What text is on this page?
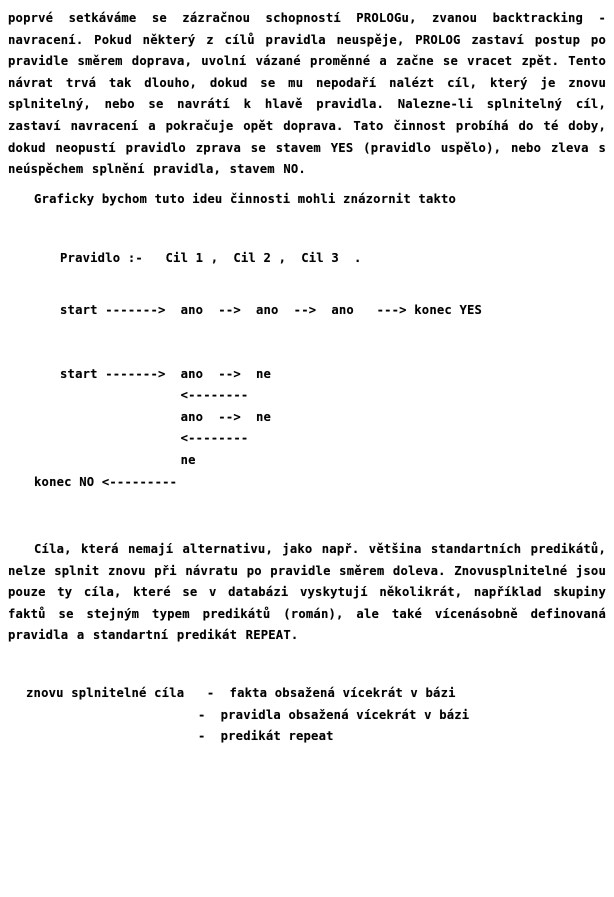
poprvé setkáváme se zázračnou schopností PROLOGu, zvanou backtracking - navracení. Pokud některý z cílů pravidla neuspěje, PROLOG zastaví postup po pravidle směrem doprava, uvolní vázané proměnné a začne se vracet zpět. Tento návrat trvá tak dlouho, dokud se mu nepodaří nalézt cíl, který je znovu splnitelný, nebo se navrátí k hlavě pravidla. Nalezne-li splnitelný cíl, zastaví navracení a pokračuje opět doprava. Tato činnost probíhá do té doby, dokud neopustí pravidlo zprava se stavem YES (pravidlo uspělo), nebo zleva s neúspěchem splnění pravidla, stavem NO.

Graficky bychom tuto ideu činnosti mohli znázornit takto

Pravidlo :-   Cil 1 ,  Cil 2 ,  Cil 3  .
start ------->  ano  -->  ano  -->  ano   ---> konec YES
start ------->  ano  -->  ne
<--------
ano  -->  ne
<--------
ne
konec NO <---------

Cíla, která nemají alternativu, jako např. většina standartních predikátů, nelze splnit znovu při návratu po pravidle směrem doleva. Znovusplnitelné jsou pouze ty cíla, které se v databázi vyskytují několikrát, například skupiny faktů se stejným typem predikátů (román), ale také vícenásobně definovaná pravidla a standartní predikát REPEAT.

znovu splnitelné cíla -  fakta obsažená vícekrát v bázi
-  pravidla obsažená vícekrát v bázi
-  predikát repeat
